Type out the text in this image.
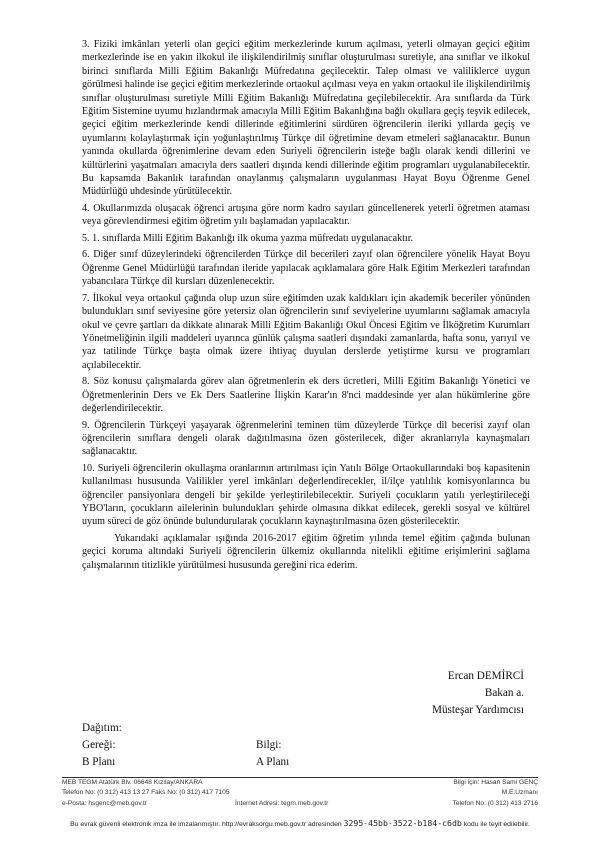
3. Fiziki imkânları yeterli olan geçici eğitim merkezlerinde kurum açılması, yeterli olmayan geçici eğitim merkezlerinde ise en yakın ilkokul ile ilişkilendirilmiş sınıflar oluşturulması suretiyle, ana sınıflar ve ilkokul birinci sınıflarda Milli Eğitim Bakanlığı Müfredatına geçilecektir. Talep olması ve valiliklerce uygun görülmesi halinde ise geçici eğitim merkezlerinde ortaokul açılması veya en yakın ortaokul ile ilişkilendirilmiş sınıflar oluşturulması suretiyle Milli Eğitim Bakanlığı Müfredatına geçilebilecektir. Ara sınıflarda da Türk Eğitim Sistemine uyumu hızlandırmak amacıyla Milli Eğitim Bakanlığına bağlı okullara geçiş teşvik edilecek, geçici eğitim merkezlerinde kendi dillerinde eğitimlerini sürdüren öğrencilerin ileriki yıllarda geçiş ve uyumlarını kolaylaştırmak için yoğunlaştırılmış Türkçe dil öğretimine devam etmeleri sağlanacaktır. Bunun yanında okullarda öğrenimlerine devam eden Suriyeli öğrencilerin isteğe bağlı olarak kendi dillerini ve kültürlerini yaşatmaları amacıyla ders saatleri dışında kendi dillerinde eğitim programları uygulanabilecektir. Bu kapsamda Bakanlık tarafından onaylanmış çalışmaların uygulanması Hayat Boyu Öğrenme Genel Müdürlüğü uhdesinde yürütülecektir.

4. Okullarımızda oluşacak öğrenci artışına göre norm kadro sayıları güncellenerek yeterli öğretmen ataması veya görevlendirmesi eğitim öğretim yılı başlamadan yapılacaktır.

5. 1. sınıflarda Milli Eğitim Bakanlığı ilk okuma yazma müfredatı uygulanacaktır.

6. Diğer sınıf düzeylerindeki öğrencilerden Türkçe dil becerileri zayıf olan öğrencilere yönelik Hayat Boyu Öğrenme Genel Müdürlüğü tarafından ileride yapılacak açıklamalara göre Halk Eğitim Merkezleri tarafından yabancılara Türkçe dil kursları düzenlenecektir.

7. İlkokul veya ortaokul çağında olup uzun süre eğitimden uzak kaldıkları için akademik beceriler yönünden bulundukları sınıf seviyesine göre yetersiz olan öğrencilerin sınıf seviyelerine uyumlarını sağlamak amacıyla okul ve çevre şartları da dikkate alınarak Milli Eğitim Bakanlığı Okul Öncesi Eğitim ve İlköğretim Kurumları Yönetmeliğinin ilgili maddeleri uyarınca günlük çalışma saatleri dışındaki zamanlarda, hafta sonu, yarıyıl ve yaz tatilinde Türkçe başta olmak üzere ihtiyaç duyulan derslerde yetiştirme kursu ve programları açılabilecektir.

8. Söz konusu çalışmalarda görev alan öğretmenlerin ek ders ücretleri, Milli Eğitim Bakanlığı Yönetici ve Öğretmenlerinin Ders ve Ek Ders Saatlerine İlişkin Karar'ın 8'nci maddesinde yer alan hükümlerine göre değerlendirilecektir.

9. Öğrencilerin Türkçeyi yaşayarak öğrenmelerini teminen tüm düzeylerde Türkçe dil becerisi zayıf olan öğrencilerin sınıflara dengeli olarak dağıtılmasına özen gösterilecek, diğer akranlarıyla kaynaşmaları sağlanacaktır.

10. Suriyeli öğrencilerin okullaşma oranlarının artırılması için Yatılı Bölge Ortaokullarındaki boş kapasitenin kullanılması hususunda Valilikler yerel imkânları değerlendirecekler, il/ilçe yatılılık komisyonlarınca bu öğrenciler pansiyonlara dengeli bir şekilde yerleştirilebilecektir. Suriyeli çocukların yatılı yerleştirileceği YBO'ların, çocukların ailelerinin bulundukları şehirde olmasına dikkat edilecek, gerekli sosyal ve kültürel uyum süreci de göz önünde bulundurularak çocukların kaynaştırılmasına özen gösterilecektir.

Yukarıdaki açıklamalar ışığında 2016-2017 eğitim öğretim yılında temel eğitim çağında bulunan geçici koruma altındaki Suriyeli öğrencilerin ülkemiz okullarında nitelikli eğitime erişimlerini sağlama çalışmalarının titizlikle yürütülmesi hususunda gereğini rica ederim.

Ercan DEMİRCİ
Bakan a.
Müsteşar Yardımcısı
Dağıtım:
Gereği:	Bilgi:
B Planı	A Planı
MEB TEGM Atatürk Blv. 06648 Kızılay/ANKARA
Telefon No: (0 312) 413 13 27 Faks No: (0 312) 417 7105
e-Posta: hsgenc@meb.gov.tr	İnternet Adresi: tegm.meb.gov.tr
Bilgi için: Hasan Sami GENÇ
M.E.Uzmanı
Telefon No: (0 312) 413 2716
Bu evrak güvenli elektronik imza ile imzalanmıştır. http://evraksorgu.meb.gov.tr adresinden 3295-45bb-3522-b184-c6db kodu ile teyit edilebilir.
